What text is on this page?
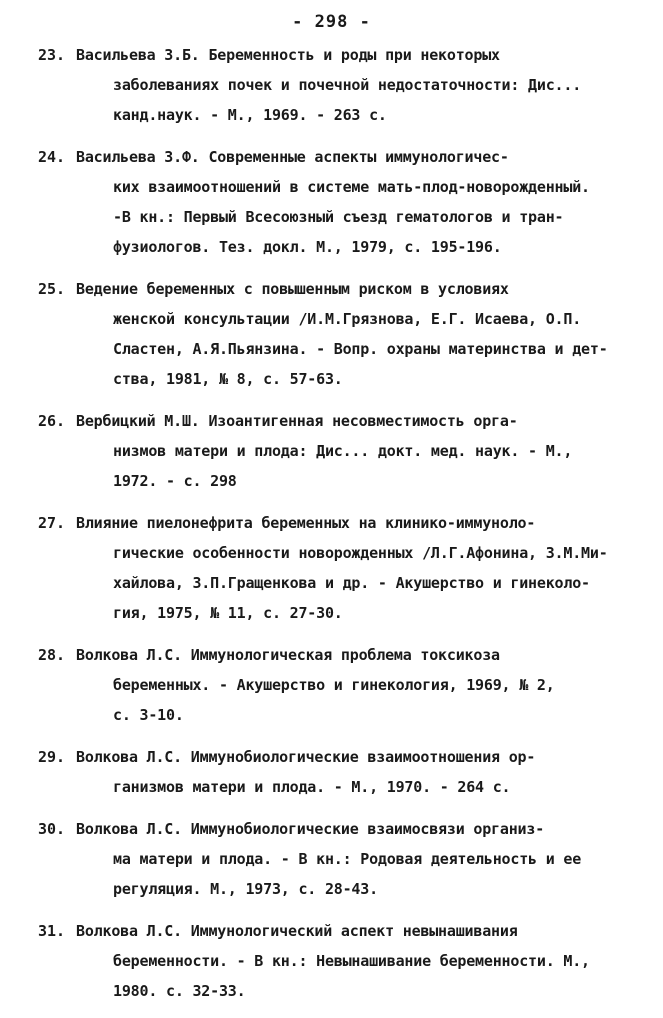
- 298 -
23. Васильева З.Б. Беременность и роды при некоторых
заболеваниях почек и почечной недостаточности: Дис...
канд.наук. - М., 1969. - 263 с.
24. Васильева З.Ф. Современные аспекты иммунологичес-
ких взаимоотношений в системе мать-плод-новорожденный.
-В кн.: Первый Всесоюзный съезд гематологов и тран-
фузиологов. Тез. докл. М., 1979, с. 195-196.
25. Ведение беременных с повышенным риском в условиях
женской консультации /И.М.Грязнова, Е.Г. Исаева, О.П.
Сластен, А.Я.Пьянзина. - Вопр. охраны материнства и дет-
ства, 1981, № 8, с. 57-63.
26. Вербицкий М.Ш. Изоантигенная несовместимость орга-
низмов матери и плода: Дис... докт. мед. наук. - М.,
1972. - с. 298
27. Влияние пиелонефрита беременных на клинико-иммуноло-
гические особенности новорожденных /Л.Г.Афонина, З.М.Ми-
хайлова, З.П.Гращенкова и др. - Акушерство и гинеколо-
гия, 1975, № 11, с. 27-30.
28. Волкова Л.С. Иммунологическая проблема токсикоза
беременных. - Акушерство и гинекология, 1969, № 2,
с. 3-10.
29. Волкова Л.С. Иммунобиологические взаимоотношения ор-
ганизмов матери и плода. - М., 1970. - 264 с.
30. Волкова Л.С. Иммунобиологические взаимосвязи организ-
ма матери и плода. - В кн.: Родовая деятельность и ее
регуляция. М., 1973, с. 28-43.
31. Волкова Л.С. Иммунологический аспект невынашивания
беременности. - В кн.: Невынашивание беременности. М.,
1980. с. 32-33.
